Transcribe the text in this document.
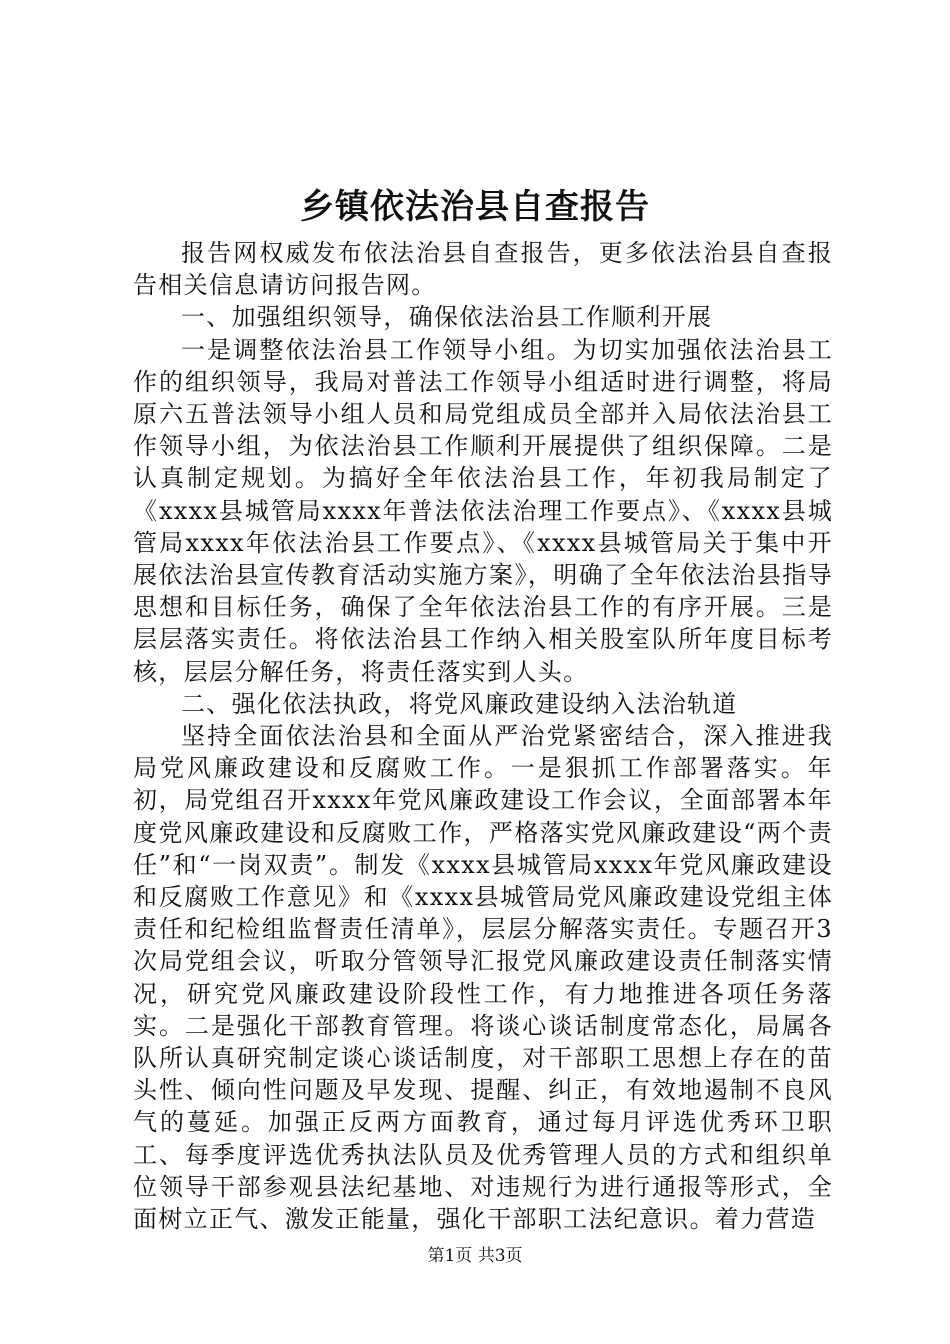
乡镇依法治县自查报告

报告网权威发布依法治县自查报告，更多依法治县自查报告相关信息请访问报告网。

一、加强组织领导，确保依法治县工作顺利开展

一是调整依法治县工作领导小组。为切实加强依法治县工作的组织领导，我局对普法工作领导小组适时进行调整，将局原六五普法领导小组人员和局党组成员全部并入局依法治县工作领导小组，为依法治县工作顺利开展提供了组织保障。二是认真制定规划。为搞好全年依法治县工作，年初我局制定了《xxxx县城管局xxxx年普法依法治理工作要点》、《xxxx县城管局xxxx年依法治县工作要点》、《xxxx县城管局关于集中开展依法治县宣传教育活动实施方案》，明确了全年依法治县指导思想和目标任务，确保了全年依法治县工作的有序开展。三是层层落实责任。将依法治县工作纳入相关股室队所年度目标考核，层层分解任务，将责任落实到人头。

二、强化依法执政，将党风廉政建设纳入法治轨道

坚持全面依法治县和全面从严治党紧密结合，深入推进我局党风廉政建设和反腐败工作。一是狠抓工作部署落实。年初，局党组召开xxxx年党风廉政建设工作会议，全面部署本年度党风廉政建设和反腐败工作，严格落实党风廉政建设“两个责任”和“一岗双责”。制发《xxxx县城管局xxxx年党风廉政建设和反腐败工作意见》和《xxxx县城管局党风廉政建设党组主体责任和纪检组监督责任清单》，层层分解落实责任。专题召开3次局党组会议，听取分管领导汇报党风廉政建设责任制落实情况，研究党风廉政建设阶段性工作，有力地推进各项任务落实。二是强化干部教育管理。将谈心谈话制度常态化，局属各队所认真研究制定谈心谈话制度，对干部职工思想上存在的苗头性、倾向性问题及早发现、提醒、纠正，有效地遏制不良风气的蔓延。加强正反两方面教育，通过每月评选优秀环卫职工、每季度评选优秀执法队员及优秀管理人员的方式和组织单位领导干部参观县法纪基地、对违规行为进行通报等形式，全面树立正气、激发正能量，强化干部职工法纪意识。着力营造

第1页 共3页
